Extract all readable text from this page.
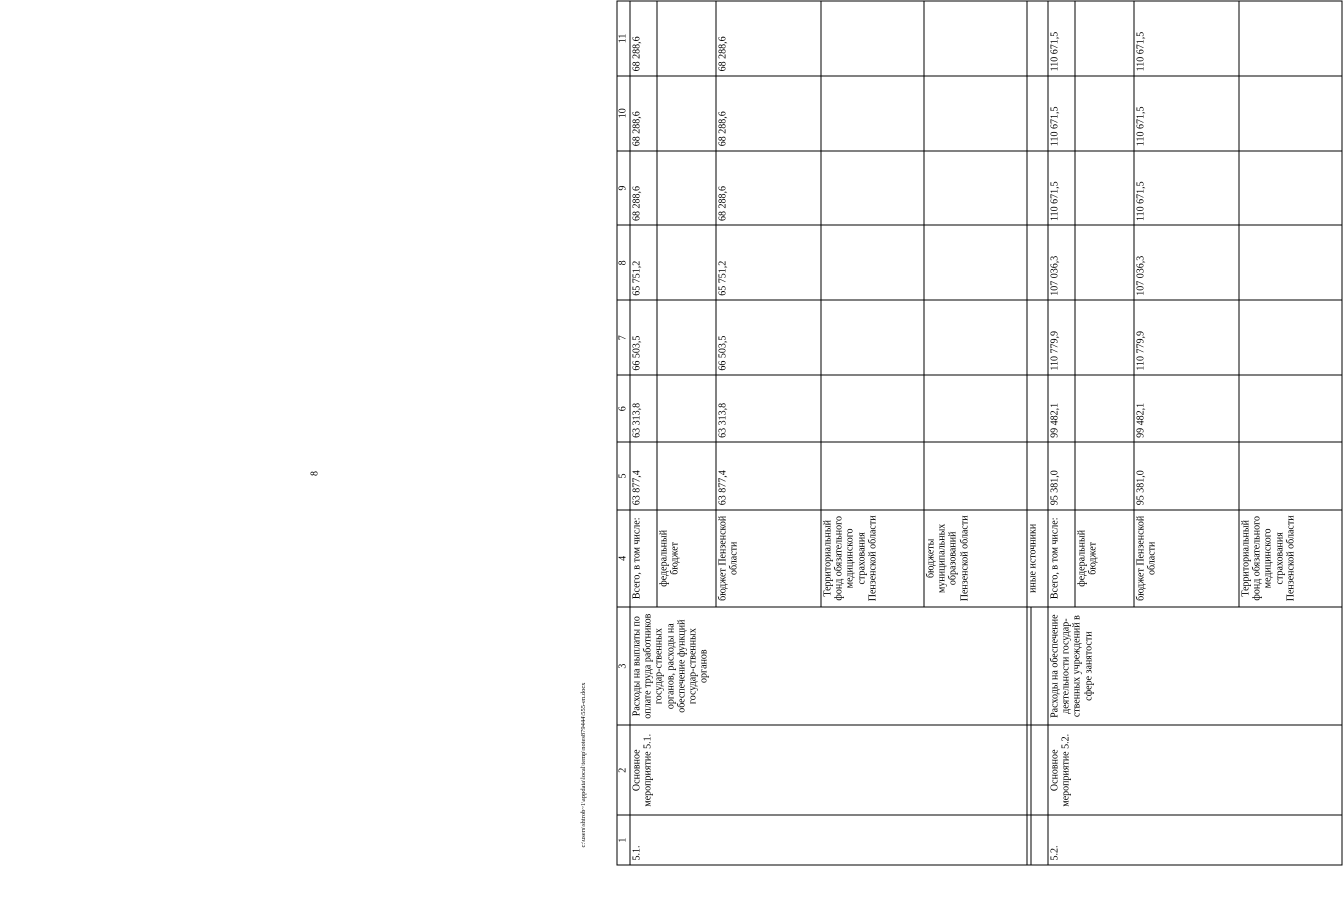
8
1	2	3	4	5	6	7	8	9	10	11
5.1.	Основное мероприятие 5.1.	Расходы на выплаты по оплате труда работников госудаp-ственных органов, расходы на обеспечение функций госудаp-ственных органов	Всего, в том числе:	63 877,4	63 313,8	66 503,5	65 751,2	68 288,6	68 288,6	68 288,6
			федеральный бюджет							
			бюджет Пензенской области	63 877,4	63 313,8	66 503,5	65 751,2	68 288,6	68 288,6	68 288,6
			Территориальный фонд обязательного медицинского страхования Пензенской области							
			бюджеты муниципальных образований Пензенской области							
			иные источники							

5.2.	Основное мероприятие 5.2.	Расходы на обеспечение деятельности госудаp-ственных учреждений в сфере занятости	Всего, в том числе:	95 381,0	99 482,1	110 779,9	107 036,3	110 671,5	110 671,5	110 671,5
			федеральный бюджет							
			бюджет Пензенской области	95 381,0	99 482,1	110 779,9	107 036,3	110 671,5	110 671,5	110 671,5
			Территориальный фонд обязательного медицинского страхования Пензенской области							
c:\users\shtrob~1\appdata\local\temp\notes879444\555-en.docx
